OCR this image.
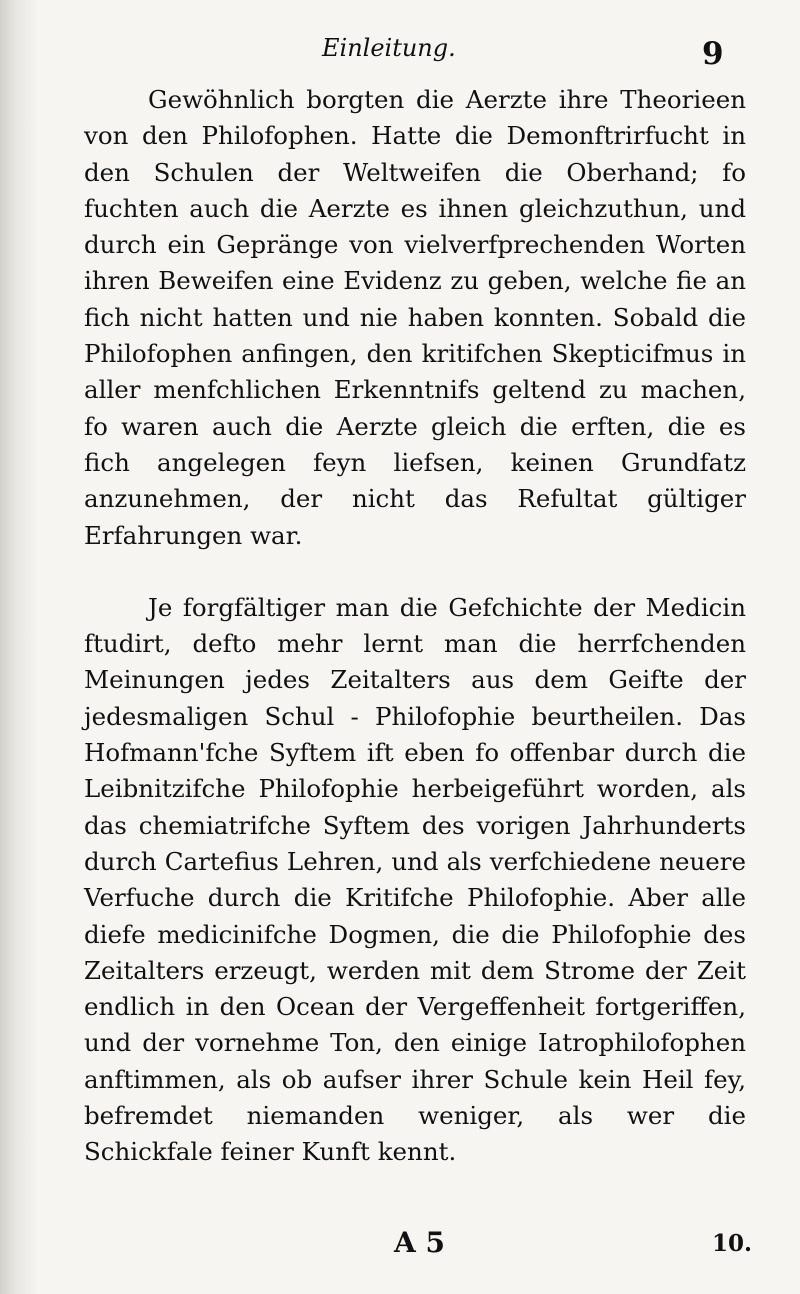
Einleitung.	9

Gewöhnlich borgten die Aerzte ihre Theorieen von den Philofophen. Hatte die Demonftrirfucht in den Schulen der Weltweifen die Oberhand; fo fuchten auch die Aerzte es ihnen gleichzuthun, und durch ein Gepränge von vielverfprechenden Worten ihren Beweifen eine Evidenz zu geben, welche fie an fich nicht hatten und nie haben konnten. Sobald die Philofophen anfingen, den kritifchen Skepticifmus in aller menfchlichen Erkenntnifs geltend zu machen, fo waren auch die Aerzte gleich die erften, die es fich angelegen feyn liefsen, keinen Grundfatz anzunehmen, der nicht das Refultat gültiger Erfahrungen war.

Je forgfältiger man die Gefchichte der Medicin ftudirt, defto mehr lernt man die herrfchenden Meinungen jedes Zeitalters aus dem Geifte der jedesmaligen Schul - Philofophie beurtheilen. Das Hofmann'fche Syftem ift eben fo offenbar durch die Leibnitzifche Philofophie herbeigeführt worden, als das chemiatrifche Syftem des vorigen Jahrhunderts durch Cartefius Lehren, und als verfchiedene neuere Verfuche durch die Kritifche Philofophie. Aber alle diefe medicinifche Dogmen, die die Philofophie des Zeitalters erzeugt, werden mit dem Strome der Zeit endlich in den Ocean der Vergeffenheit fortgeriffen, und der vornehme Ton, den einige Iatrophilofophen anftimmen, als ob aufser ihrer Schule kein Heil fey, befremdet niemanden weniger, als wer die Schickfale feiner Kunft kennt.

A 5	10.
